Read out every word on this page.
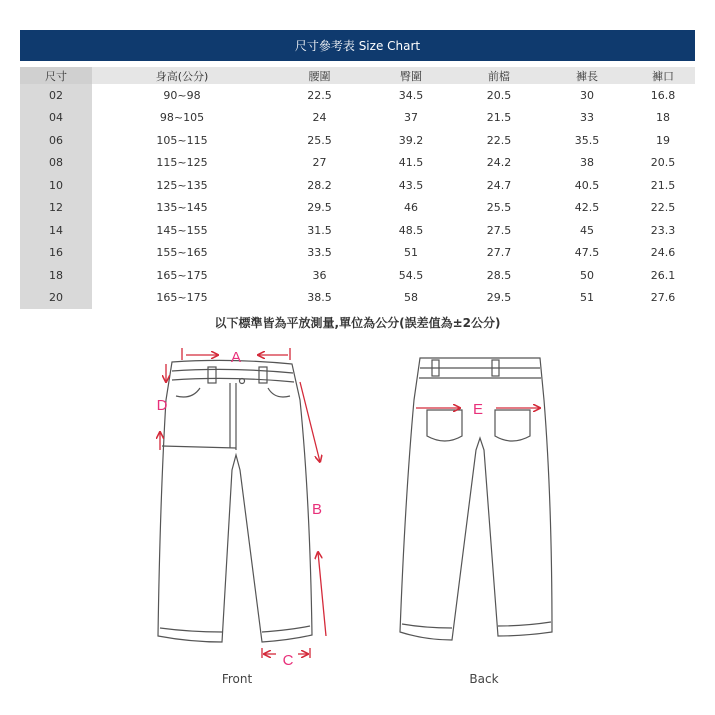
尺寸參考表 Size Chart
尺寸	身高(公分)	腰圍	臀圍	前檔	褲長	褲口
02	90~98	22.5	34.5	20.5	30	16.8
04	98~105	24	37	21.5	33	18
06	105~115	25.5	39.2	22.5	35.5	19
08	115~125	27	41.5	24.2	38	20.5
10	125~135	28.2	43.5	24.7	40.5	21.5
12	135~145	29.5	46	25.5	42.5	22.5
14	145~155	31.5	48.5	27.5	45	23.3
16	155~165	33.5	51	27.7	47.5	24.6
18	165~175	36	54.5	28.5	50	26.1
20	165~175	38.5	58	29.5	51	27.6
以下標準皆為平放測量,單位為公分(誤差值為±2公分)
A
B
C
D	E
Front	Back
